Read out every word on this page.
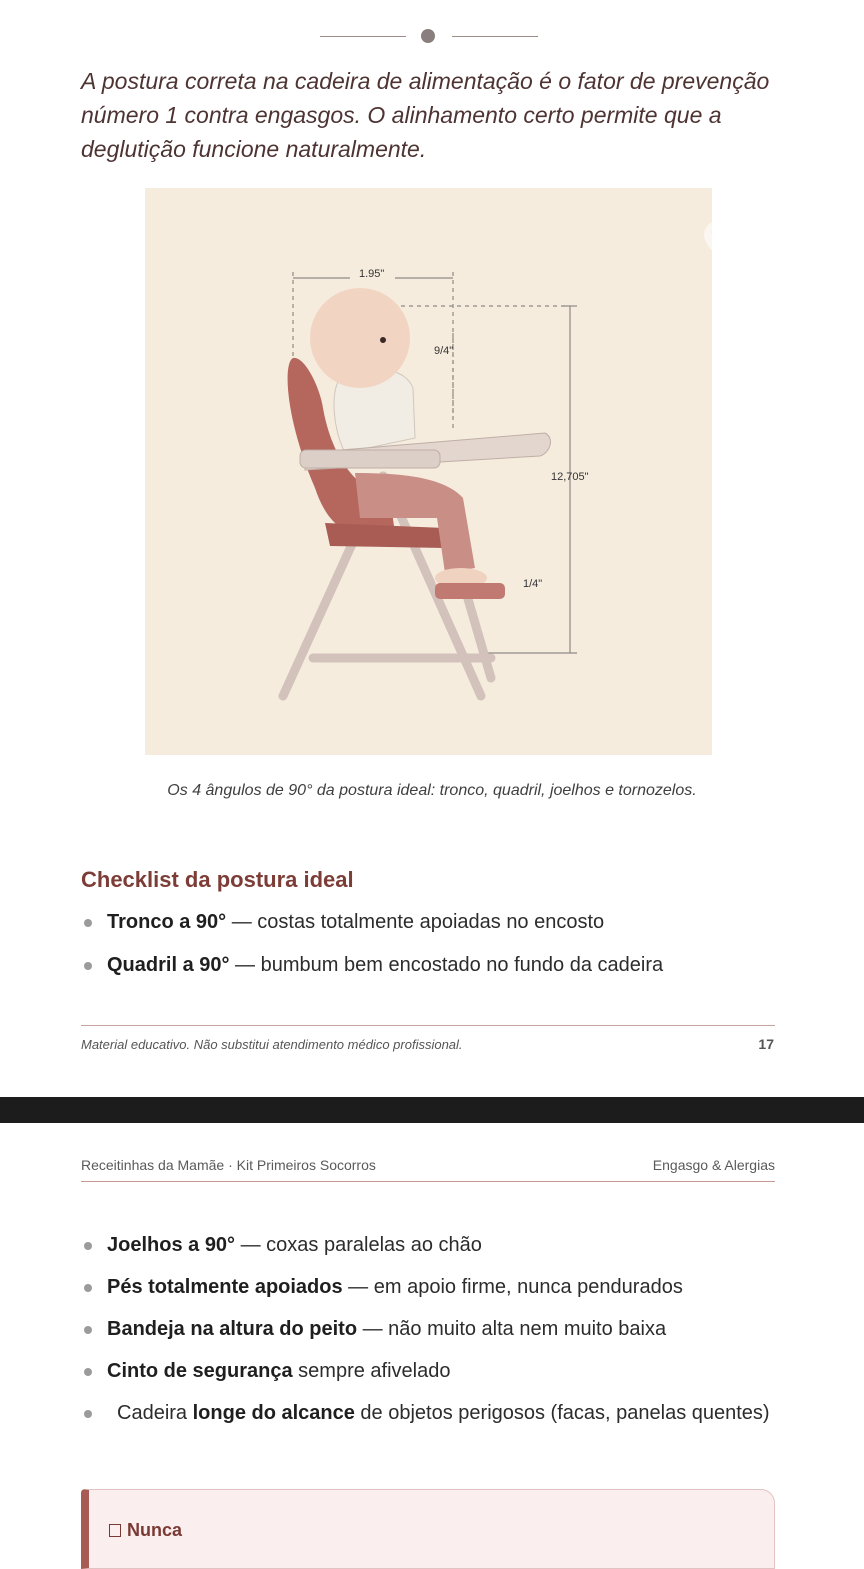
A postura correta na cadeira de alimentação é o fator de prevenção número 1 contra engasgos. O alinhamento certo permite que a deglutição funcione naturalmente.

e
Re
1.95"
9/4"
12,705"
1/4"

Os 4 ângulos de 90° da postura ideal: tronco, quadril, joelhos e tornozelos.

Checklist da postura ideal
Tronco a 90° — costas totalmente apoiadas no encosto
Quadril a 90° — bumbum bem encostado no fundo da cadeira

Material educativo. Não substitui atendimento médico profissional.	17

Receitinhas da Mamãe · Kit Primeiros Socorros	Engasgo & Alergias
Joelhos a 90° — coxas paralelas ao chão
Pés totalmente apoiados — em apoio firme, nunca pendurados
Bandeja na altura do peito — não muito alta nem muito baixa
Cinto de segurança sempre afivelado
Cadeira longe do alcance de objetos perigosos (facas, panelas quentes)
Nunca
